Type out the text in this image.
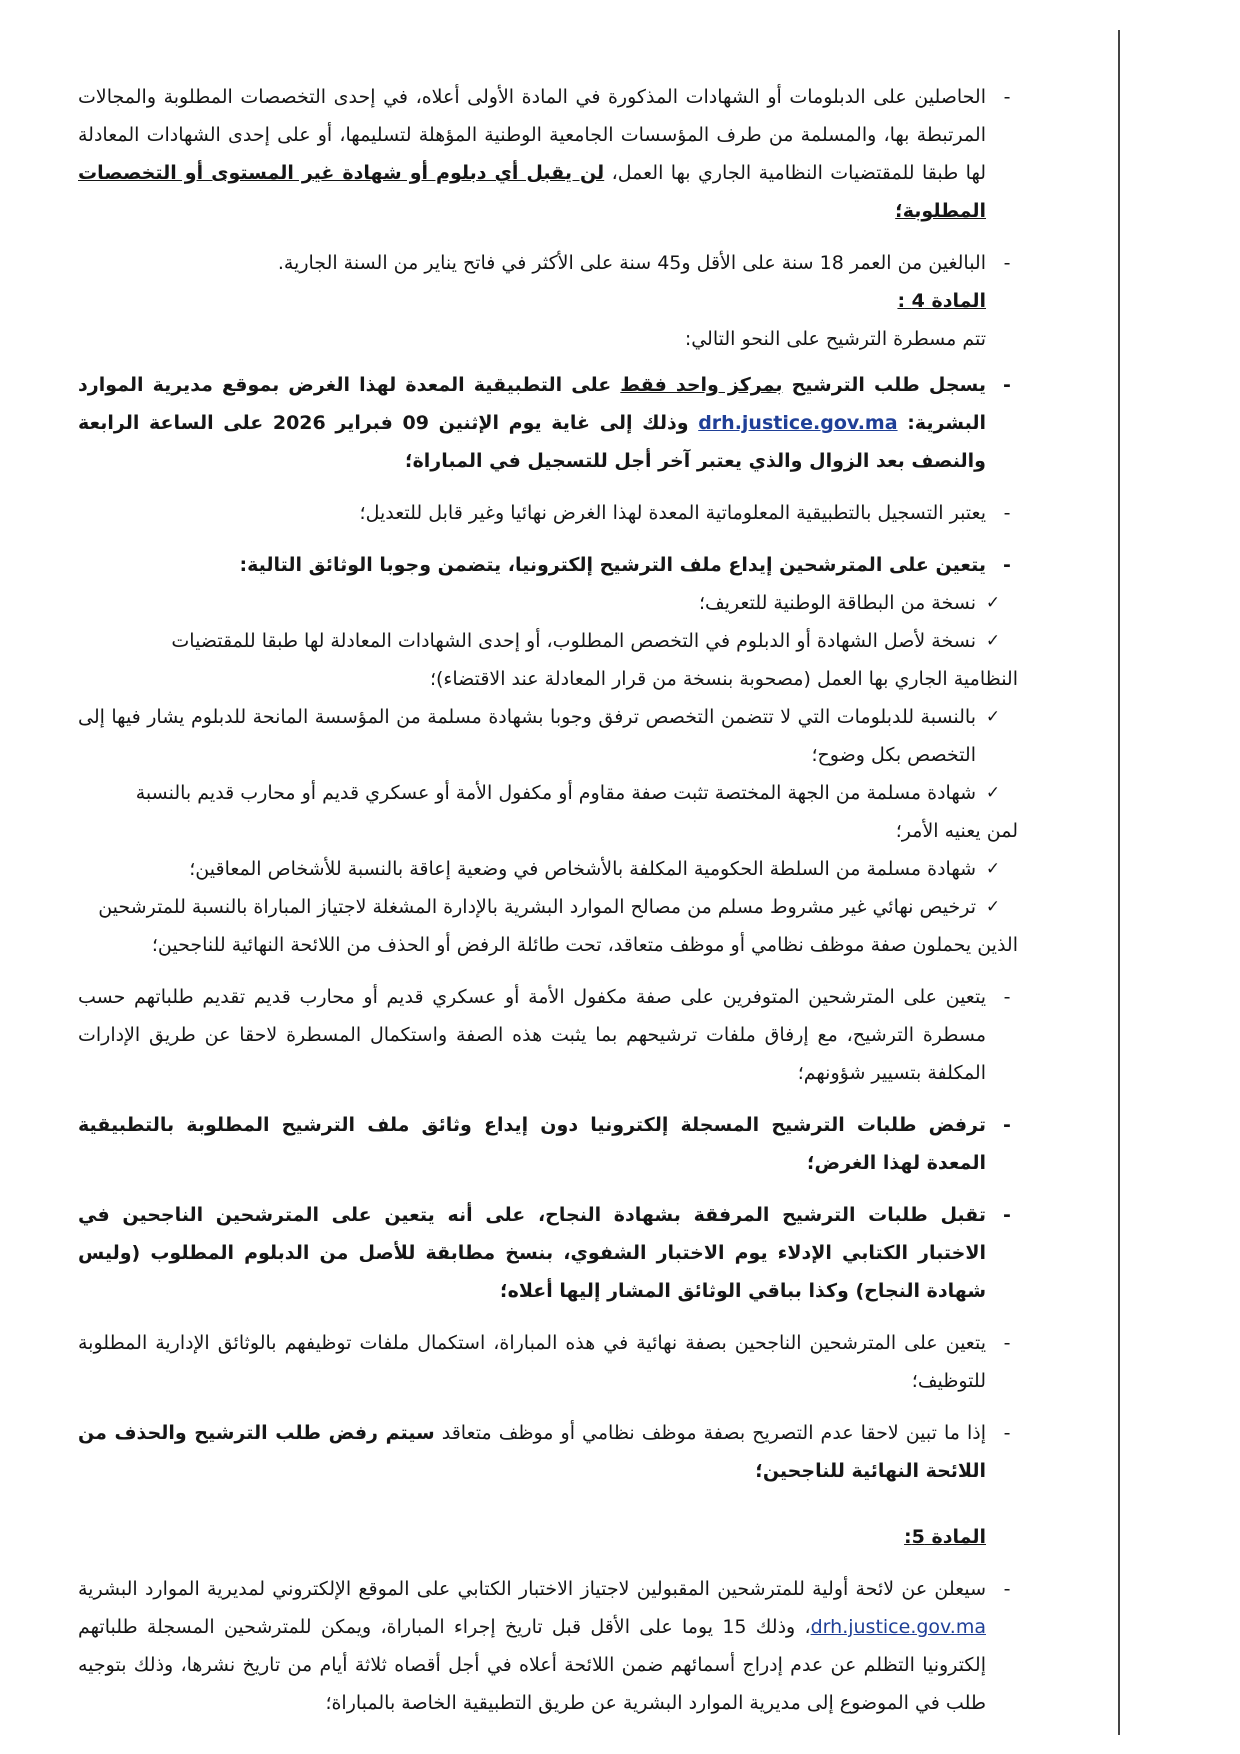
-
الحاصلين على الدبلومات أو الشهادات المذكورة في المادة الأولى أعلاه، في إحدى التخصصات المطلوبة والمجالات المرتبطة بها، والمسلمة من طرف المؤسسات الجامعية الوطنية المؤهلة لتسليمها، أو على إحدى الشهادات المعادلة لها طبقا للمقتضيات النظامية الجاري بها العمل، لن يقبل أي دبلوم أو شهادة غير المستوى أو التخصصات المطلوبة؛
-
البالغين من العمر 18 سنة على الأقل و45 سنة على الأكثر في فاتح يناير من السنة الجارية.
المادة 4 :
تتم مسطرة الترشيح على النحو التالي:
-
يسجل طلب الترشيح بمركز واحد فقط على التطبيقية المعدة لهذا الغرض بموقع مديرية الموارد البشرية: drh.justice.gov.ma وذلك إلى غاية يوم الإثنين 09 فبراير 2026 على الساعة الرابعة والنصف بعد الزوال والذي يعتبر آخر أجل للتسجيل في المباراة؛
-
يعتبر التسجيل بالتطبيقية المعلوماتية المعدة لهذا الغرض نهائيا وغير قابل للتعديل؛
-
يتعين على المترشحين إيداع ملف الترشيح إلكترونيا، يتضمن وجوبا الوثائق التالية:
✓
نسخة من البطاقة الوطنية للتعريف؛
✓
نسخة لأصل الشهادة أو الدبلوم في التخصص المطلوب، أو إحدى الشهادات المعادلة لها طبقا للمقتضيات
النظامية الجاري بها العمل (مصحوبة بنسخة من قرار المعادلة عند الاقتضاء)؛
✓
بالنسبة للدبلومات التي لا تتضمن التخصص ترفق وجوبا بشهادة مسلمة من المؤسسة المانحة للدبلوم يشار فيها إلى التخصص بكل وضوح؛
✓
شهادة مسلمة من الجهة المختصة تثبت صفة مقاوم أو مكفول الأمة أو عسكري قديم أو محارب قديم بالنسبة
لمن يعنيه الأمر؛
✓
شهادة مسلمة من السلطة الحكومية المكلفة بالأشخاص في وضعية إعاقة بالنسبة للأشخاص المعاقين؛
✓
ترخيص نهائي غير مشروط مسلم من مصالح الموارد البشرية بالإدارة المشغلة لاجتياز المباراة بالنسبة للمترشحين
الذين يحملون صفة موظف نظامي أو موظف متعاقد، تحت طائلة الرفض أو الحذف من اللائحة النهائية للناجحين؛
-
يتعين على المترشحين المتوفرين على صفة مكفول الأمة أو عسكري قديم أو محارب قديم تقديم طلباتهم حسب مسطرة الترشيح، مع إرفاق ملفات ترشيحهم بما يثبت هذه الصفة واستكمال المسطرة لاحقا عن طريق الإدارات المكلفة بتسيير شؤونهم؛
-
ترفض طلبات الترشيح المسجلة إلكترونيا دون إيداع وثائق ملف الترشيح المطلوبة بالتطبيقية المعدة لهذا الغرض؛
-
تقبل طلبات الترشيح المرفقة بشهادة النجاح، على أنه يتعين على المترشحين الناجحين في الاختبار الكتابي الإدلاء يوم الاختبار الشفوي، بنسخ مطابقة للأصل من الدبلوم المطلوب (وليس شهادة النجاح) وكذا بباقي الوثائق المشار إليها أعلاه؛
-
يتعين على المترشحين الناجحين بصفة نهائية في هذه المباراة، استكمال ملفات توظيفهم بالوثائق الإدارية المطلوبة للتوظيف؛
-
إذا ما تبين لاحقا عدم التصريح بصفة موظف نظامي أو موظف متعاقد سيتم رفض طلب الترشيح والحذف من اللائحة النهائية للناجحين؛
المادة 5:
-
سيعلن عن لائحة أولية للمترشحين المقبولين لاجتياز الاختبار الكتابي على الموقع الإلكتروني لمديرية الموارد البشرية drh.justice.gov.ma، وذلك 15 يوما على الأقل قبل تاريخ إجراء المباراة، ويمكن للمترشحين المسجلة طلباتهم إلكترونيا التظلم عن عدم إدراج أسمائهم ضمن اللائحة أعلاه في أجل أقصاه ثلاثة أيام من تاريخ نشرها، وذلك بتوجيه طلب في الموضوع إلى مديرية الموارد البشرية عن طريق التطبيقية الخاصة بالمباراة؛
